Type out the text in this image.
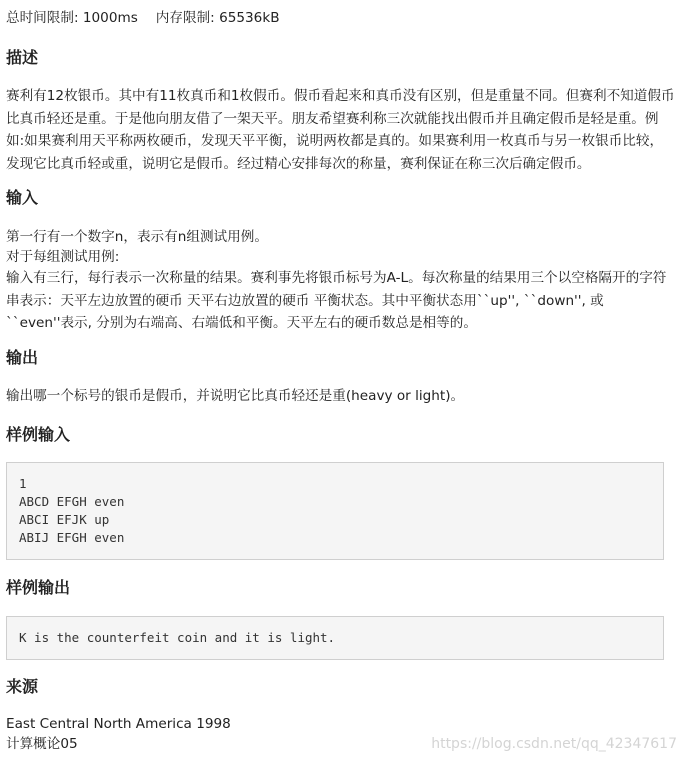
总时间限制: 1000ms 内存限制: 65536kB
描述
赛利有12枚银币。其中有11枚真币和1枚假币。假币看起来和真币没有区别，但是重量不同。但赛利不知道假币比真币轻还是重。于是他向朋友借了一架天平。朋友希望赛利称三次就能找出假币并且确定假币是轻是重。例如:如果赛利用天平称两枚硬币，发现天平平衡，说明两枚都是真的。如果赛利用一枚真币与另一枚银币比较，发现它比真币轻或重，说明它是假币。经过精心安排每次的称量，赛利保证在称三次后确定假币。
输入
第一行有一个数字n，表示有n组测试用例。
对于每组测试用例:
输入有三行，每行表示一次称量的结果。赛利事先将银币标号为A-L。每次称量的结果用三个以空格隔开的字符串表示：天平左边放置的硬币 天平右边放置的硬币 平衡状态。其中平衡状态用``up'', ``down'', 或 ``even''表示, 分别为右端高、右端低和平衡。天平左右的硬币数总是相等的。
输出
输出哪一个标号的银币是假币，并说明它比真币轻还是重(heavy or light)。
样例输入
1
ABCD EFGH even
ABCI EFJK up
ABIJ EFGH even
样例输出
K is the counterfeit coin and it is light.
来源
East Central North America 1998
计算概论05	https://blog.csdn.net/qq_42347617
